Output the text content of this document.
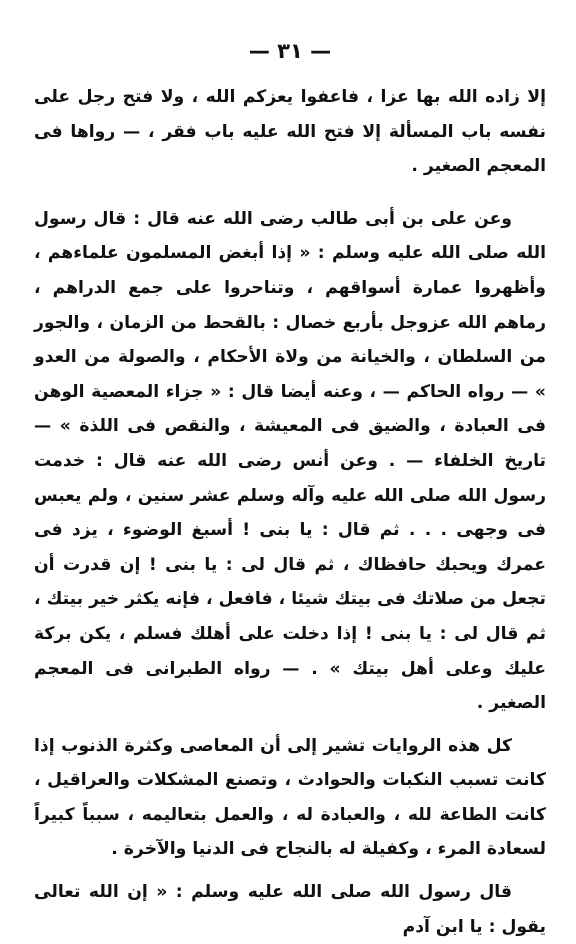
— ٣١ —

إلا زاده الله بها عزا ، فاعفوا يعزكم الله ، ولا فتح رجل على نفسه باب المسألة إلا فتح الله عليه باب فقر ، — رواها فى المعجم الصغير .

وعن على بن أبى طالب رضى الله عنه قال : قال رسول الله صلى الله عليه وسلم : « إذا أبغض المسلمون علماءهم ، وأظهروا عمارة أسواقهم ، وتناحروا على جمع الدراهم ، رماهم الله عزوجل بأربع خصال : بالقحط من الزمان ، والجور من السلطان ، والخيانة من ولاة الأحكام ، والصولة من العدو » — رواه الحاكم — ، وعنه أيضا قال : « جزاء المعصية الوهن فى العبادة ، والضيق فى المعيشة ، والنقص فى اللذة » — تاريخ الخلفاء — . وعن أنس رضى الله عنه قال : خدمت رسول الله صلى الله عليه وآله وسلم عشر سنين ، ولم يعبس فى وجهى . . . ثم قال : يا بنى ! أسبغ الوضوء ، يزد فى عمرك ويحبك حافظاك ، ثم قال لى : يا بنى ! إن قدرت أن تجعل من صلاتك فى بيتك شيئا ، فافعل ، فإنه يكثر خير بيتك ، ثم قال لى : يا بنى ! إذا دخلت على أهلك فسلم ، يكن بركة عليك وعلى أهل بيتك » . — رواه الطبرانى فى المعجم الصغير .

كل هذه الروايات تشير إلى أن المعاصى وكثرة الذنوب إذا كانت تسبب النكبات والحوادث ، وتصنع المشكلات والعراقيل ، كانت الطاعة لله ، والعبادة له ، والعمل بتعاليمه ، سبباً كبيراً لسعادة المرء ، وكفيلة له بالنجاح فى الدنيا والآخرة .

قال رسول الله صلى الله عليه وسلم : « إن الله تعالى يقول : يا ابن آدم
